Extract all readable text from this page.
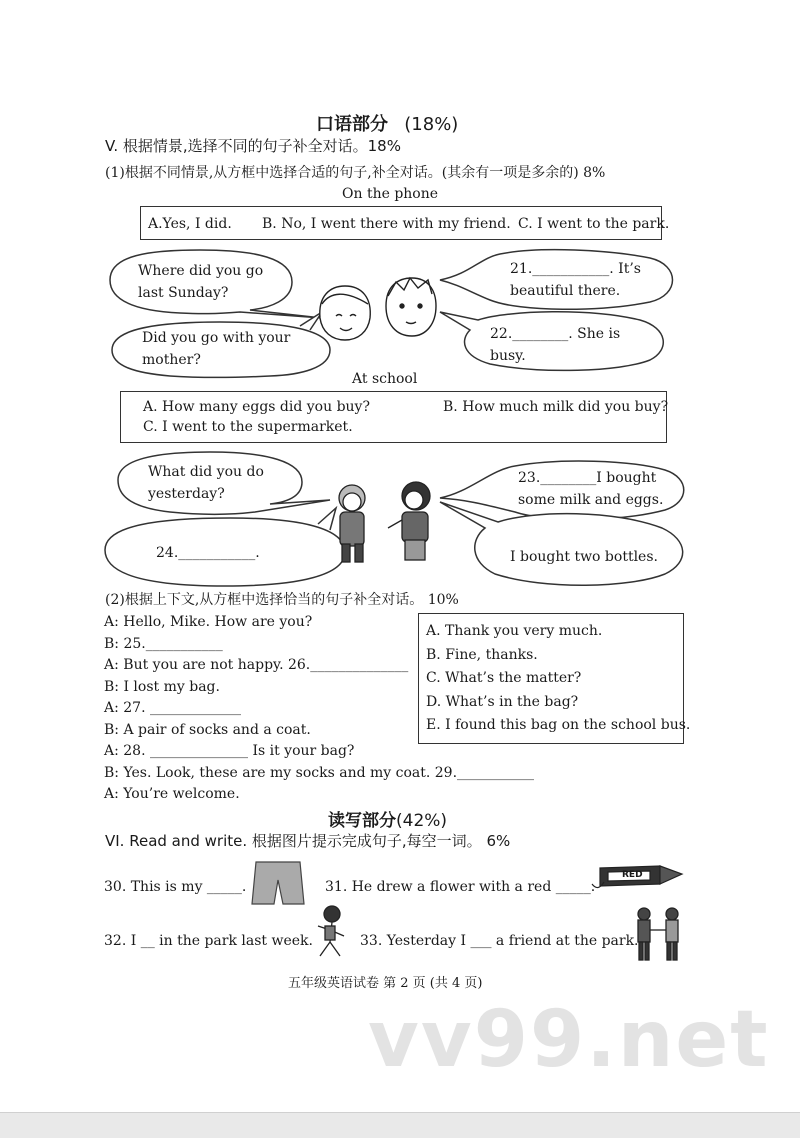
口语部分 (18%)
V. 根据情景,选择不同的句子补全对话。18%
(1)根据不同情景,从方框中选择合适的句子,补全对话。(其余有一项是多余的) 8%
On the phone
A.Yes, I did. B. No, I went there with my friend. C. I went to the park.
Where did you go
last Sunday?
Did you go with your
mother?
21.___________. It’s
beautiful there.
22.________. She is
busy.
At school
A. How many eggs did you buy?	B. How much milk did you buy?
C. I went to the supermarket.
What did you do
yesterday?
24.___________.
23.________I bought
some milk and eggs.
I bought two bottles.
(2)根据上下文,从方框中选择恰当的句子补全对话。 10%
A: Hello, Mike. How are you?
B: 25.___________
A: But you are not happy. 26.______________
B: I lost my bag.
A: 27. _____________
B: A pair of socks and a coat.
A: 28. ______________ Is it your bag?
B: Yes. Look, these are my socks and my coat. 29.___________
A: You’re welcome.
A. Thank you very much.
B. Fine, thanks.
C. What’s the matter?
D. What’s in the bag?
E. I found this bag on the school bus.
读写部分(42%)
VI. Read and write. 根据图片提示完成句子,每空一词。 6%
30. This is my _____.	31. He drew a flower with a red _____.
RED
32. I __ in the park last week.	33. Yesterday I ___ a friend at the park.
五年级英语试卷 第 2 页 (共 4 页)
vv99.net
